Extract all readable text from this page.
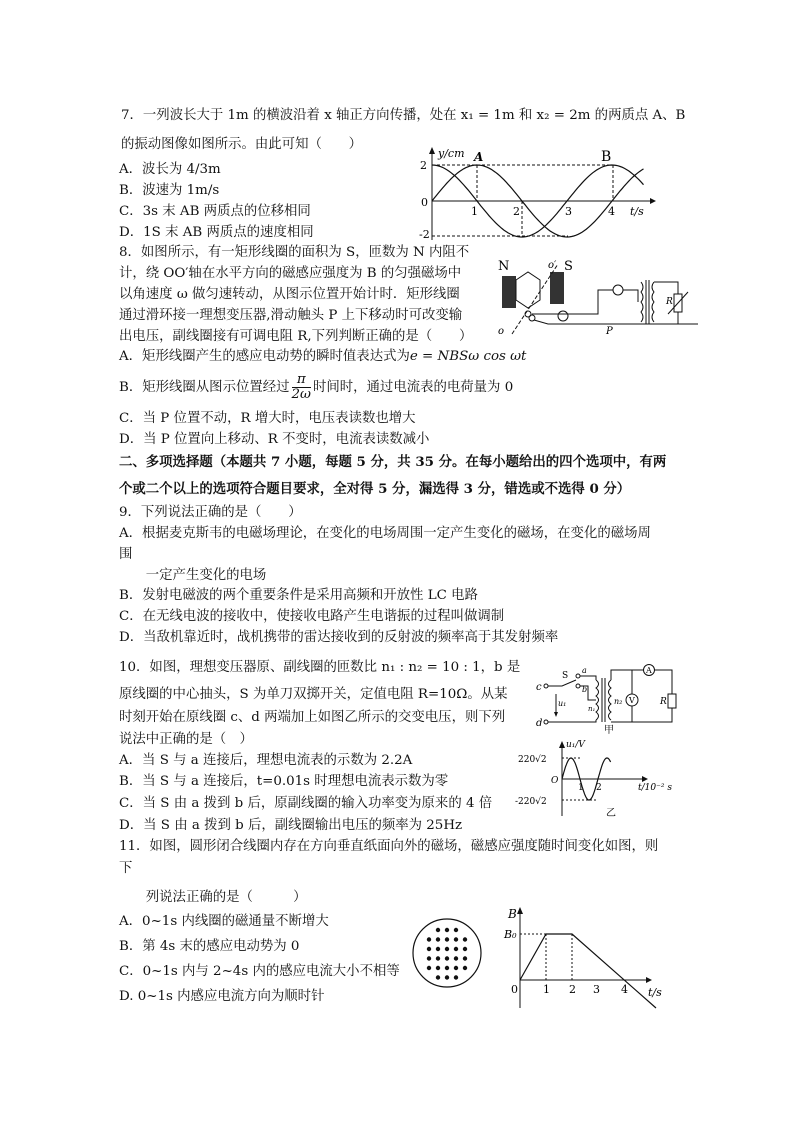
7．一列波长大于 1m 的横波沿着 x 轴正方向传播，处在 x₁ = 1m 和 x₂ = 2m 的两质点 A、B
的振动图像如图所示。由此可知（　　）
A．波长为 4/3m
B．波速为 1m/s
C．3s 末 AB 两质点的位移相同
D．1S 末 AB 两质点的速度相同
y/cm A	B
2
-2
0
1	2	3	4 t/s
8．如图所示，有一矩形线圈的面积为 S，匝数为 N 内阻不
计，绕 OO′轴在水平方向的磁感应强度为 B 的匀强磁场中
以角速度 ω 做匀速转动，从图示位置开始计时．矩形线圈
通过滑环接一理想变压器,滑动触头 P 上下移动时可改变输
出电压，副线圈接有可调电阻 R,下列判断正确的是（　　）
A．矩形线圈产生的感应电动势的瞬时值表达式为e = NBSω cos ωt
B．矩形线圈从图示位置经过 $\frac{\pi}{2\omega}$ 时间时，通过电流表的电荷量为 0
C．当 P 位置不动，R 增大时，电压表读数也增大
D．当 P 位置向上移动、R 不变时，电流表读数减小
N	S
o′
o	P
R
二、多项选择题（本题共 7 小题，每题 5 分，共 35 分。在每小题给出的四个选项中，有两
个或二个以上的选项符合题目要求，全对得 5 分，漏选得 3 分，错选或不选得 0 分）
9．下列说法正确的是（　　）
A．根据麦克斯韦的电磁场理论，在变化的电场周围一定产生变化的磁场，在变化的磁场周
围
　　一定产生变化的电场
B．发射电磁波的两个重要条件是采用高频和开放性 LC 电路
C．在无线电波的接收中，使接收电路产生电谐振的过程叫做调制
D．当敌机靠近时，战机携带的雷达接收到的反射波的频率高于其发射频率
10．如图，理想变压器原、副线圈的匝数比 n₁ : n₂ = 10 : 1，b 是
原线圈的中心抽头，S 为单刀双掷开关，定值电阻 R=10Ω。从某
时刻开始在原线圈 c、d 两端加上如图乙所示的交变电压，则下列
说法中正确的是（　）
A．当 S 与 a 连接后，理想电流表的示数为 2.2A
B．当 S 与 a 连接后，t=0.01s 时理想电流表示数为零
C．当 S 由 a 拨到 b 后，原副线圈的输入功率变为原来的 4 倍
D．当 S 由 a 拨到 b 后，副线圈输出电压的频率为 25Hz
c
d
S
a
b
u₁
n₁
n₂
A
V	R
甲
u₁/V
220√2
-220√2
O
1 2	t/10⁻² s
乙
11．如图，圆形闭合线圈内存在方向垂直纸面向外的磁场，磁感应强度随时间变化如图，则
下
　　列说法正确的是（　　　）
A．0~1s 内线圈的磁通量不断增大
B．第 4s 末的感应电动势为 0
C．0~1s 内与 2~4s 内的感应电流大小不相等
D. 0~1s 内感应电流方向为顺时针
B
B₀
0 1 2 3 4 t/s
